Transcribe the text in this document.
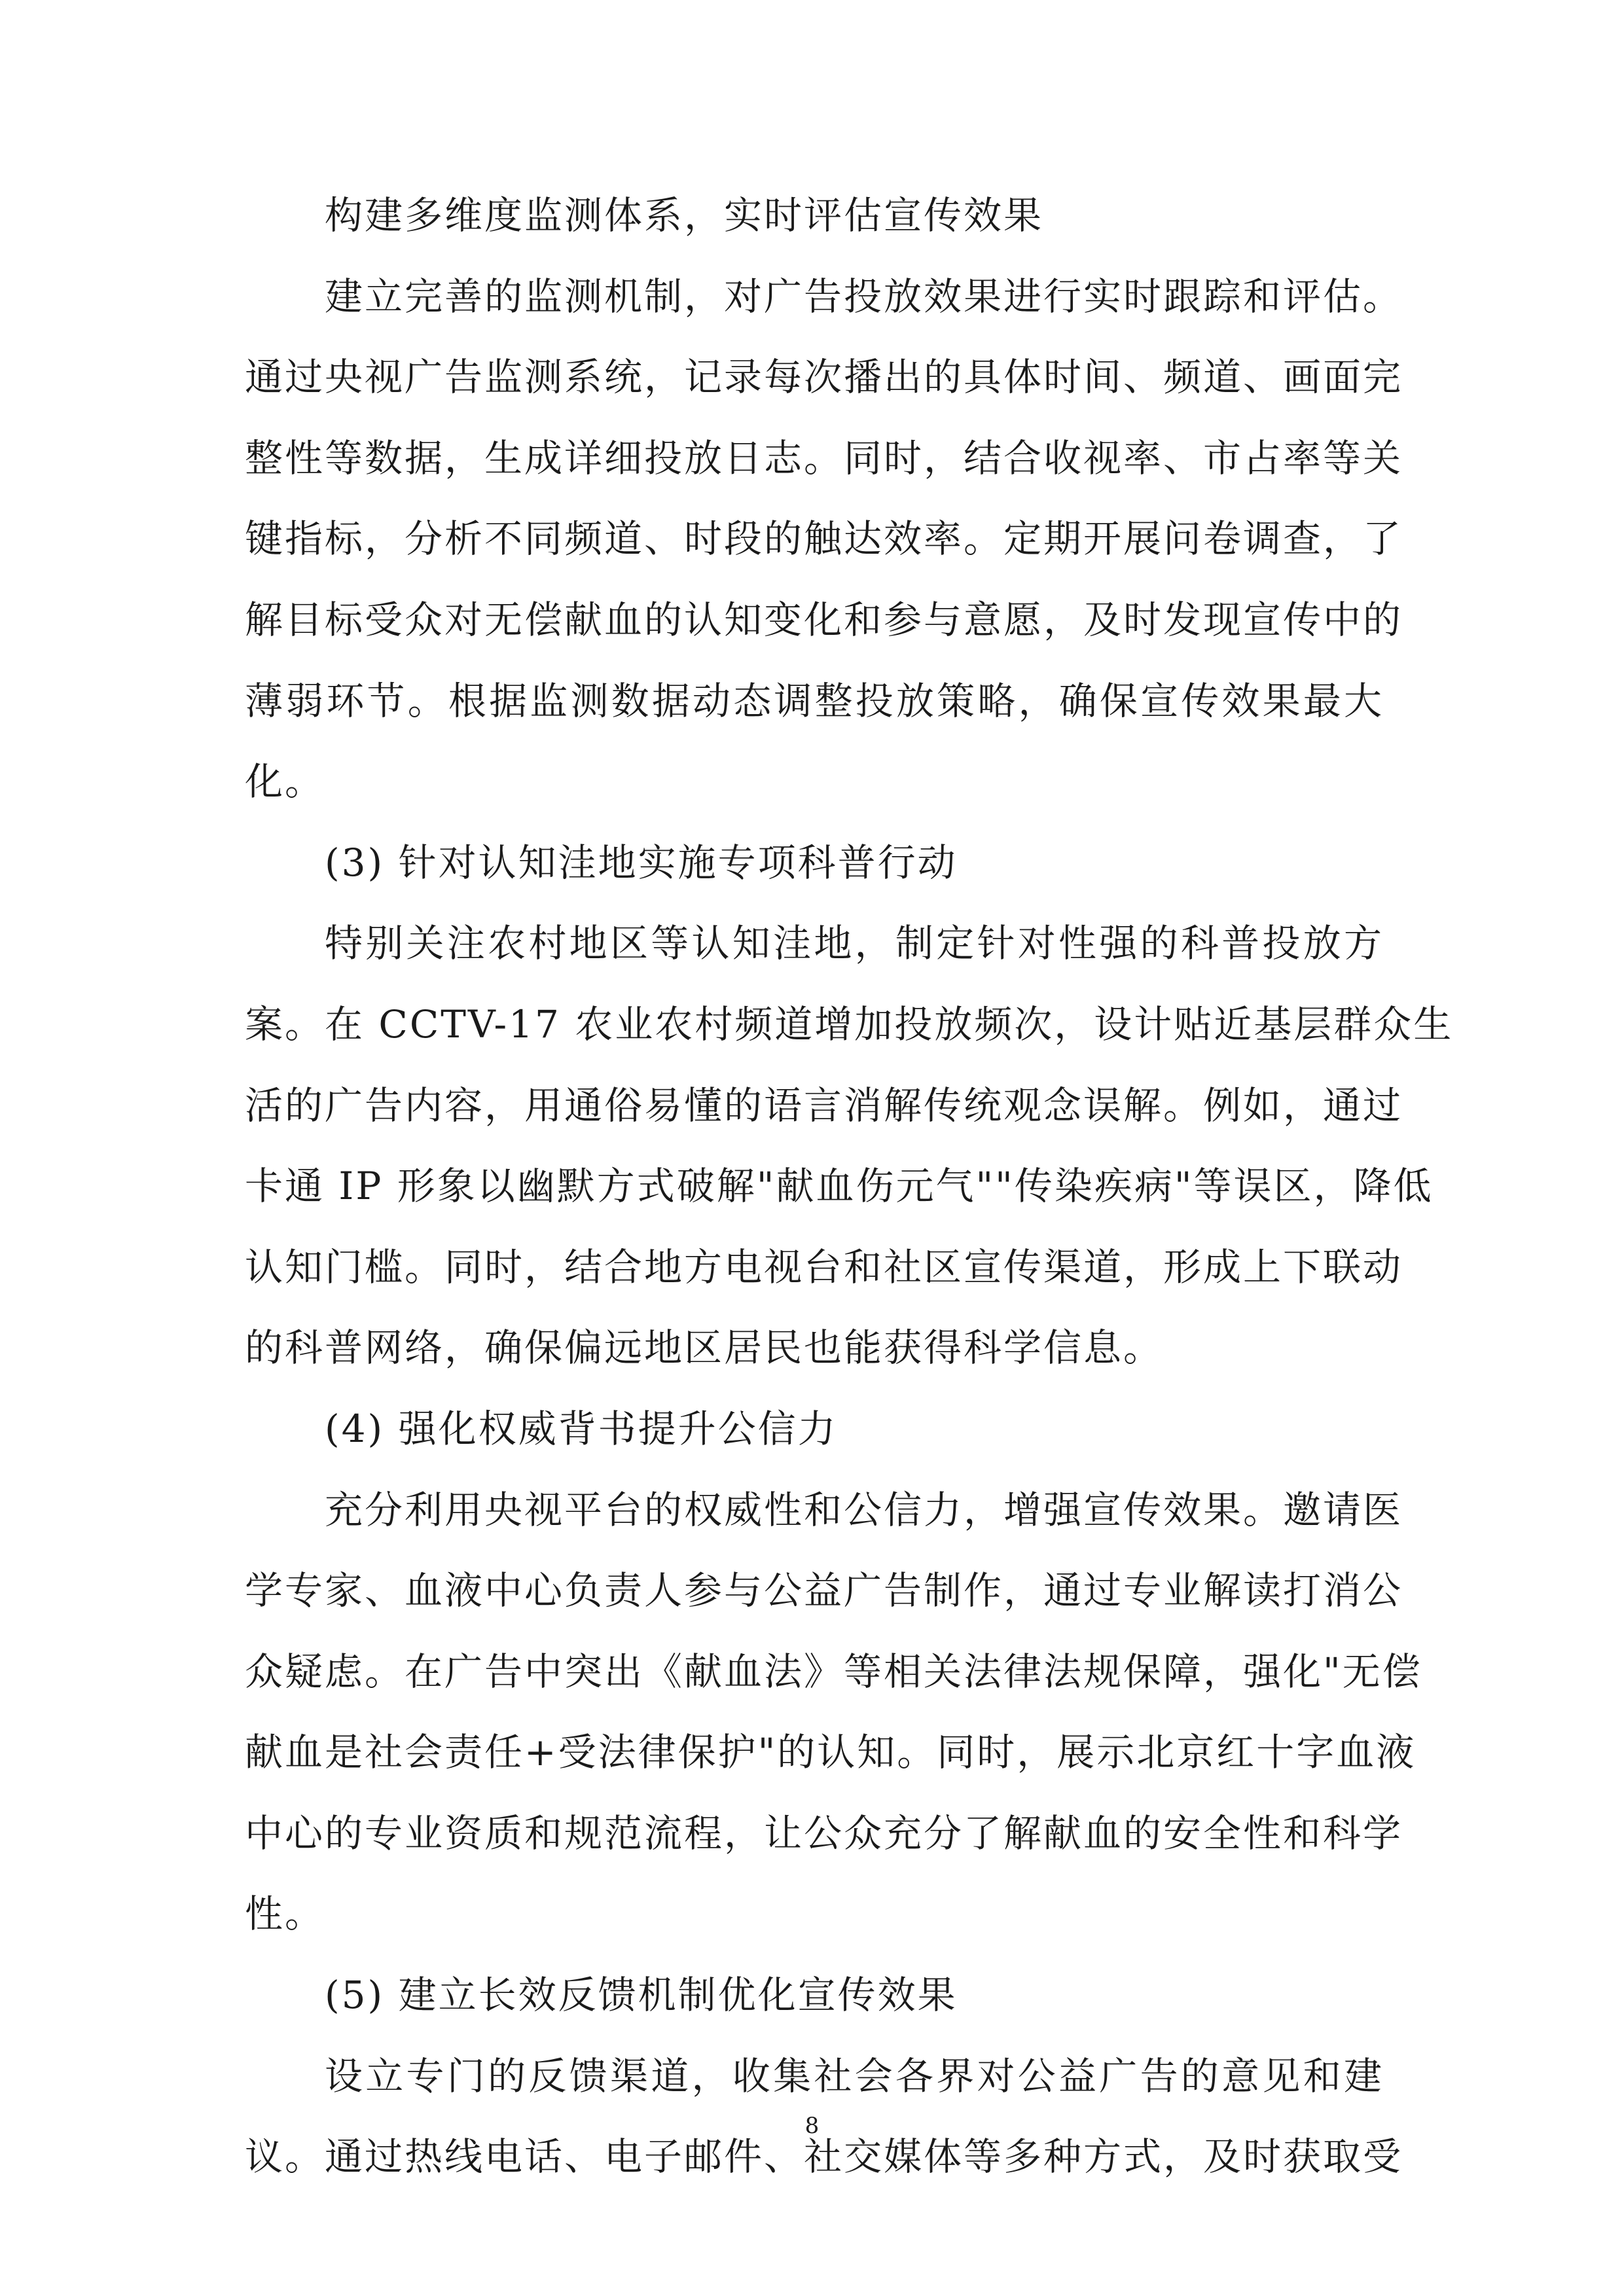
构建多维度监测体系，实时评估宣传效果
建立完善的监测机制，对广告投放效果进行实时跟踪和评估。
通过央视广告监测系统，记录每次播出的具体时间、频道、画面完
整性等数据，生成详细投放日志。同时，结合收视率、市占率等关
键指标，分析不同频道、时段的触达效率。定期开展问卷调查，了
解目标受众对无偿献血的认知变化和参与意愿，及时发现宣传中的
薄弱环节。根据监测数据动态调整投放策略，确保宣传效果最大
化。
(3) 针对认知洼地实施专项科普行动
特别关注农村地区等认知洼地，制定针对性强的科普投放方
案。在 CCTV-17 农业农村频道增加投放频次，设计贴近基层群众生
活的广告内容，用通俗易懂的语言消解传统观念误解。例如，通过
卡通 IP 形象以幽默方式破解"献血伤元气""传染疾病"等误区，降低
认知门槛。同时，结合地方电视台和社区宣传渠道，形成上下联动
的科普网络，确保偏远地区居民也能获得科学信息。
(4) 强化权威背书提升公信力
充分利用央视平台的权威性和公信力，增强宣传效果。邀请医
学专家、血液中心负责人参与公益广告制作，通过专业解读打消公
众疑虑。在广告中突出《献血法》等相关法律法规保障，强化"无偿
献血是社会责任+受法律保护"的认知。同时，展示北京红十字血液
中心的专业资质和规范流程，让公众充分了解献血的安全性和科学
性。
(5) 建立长效反馈机制优化宣传效果
设立专门的反馈渠道，收集社会各界对公益广告的意见和建
议。通过热线电话、电子邮件、社交媒体等多种方式，及时获取受
8
